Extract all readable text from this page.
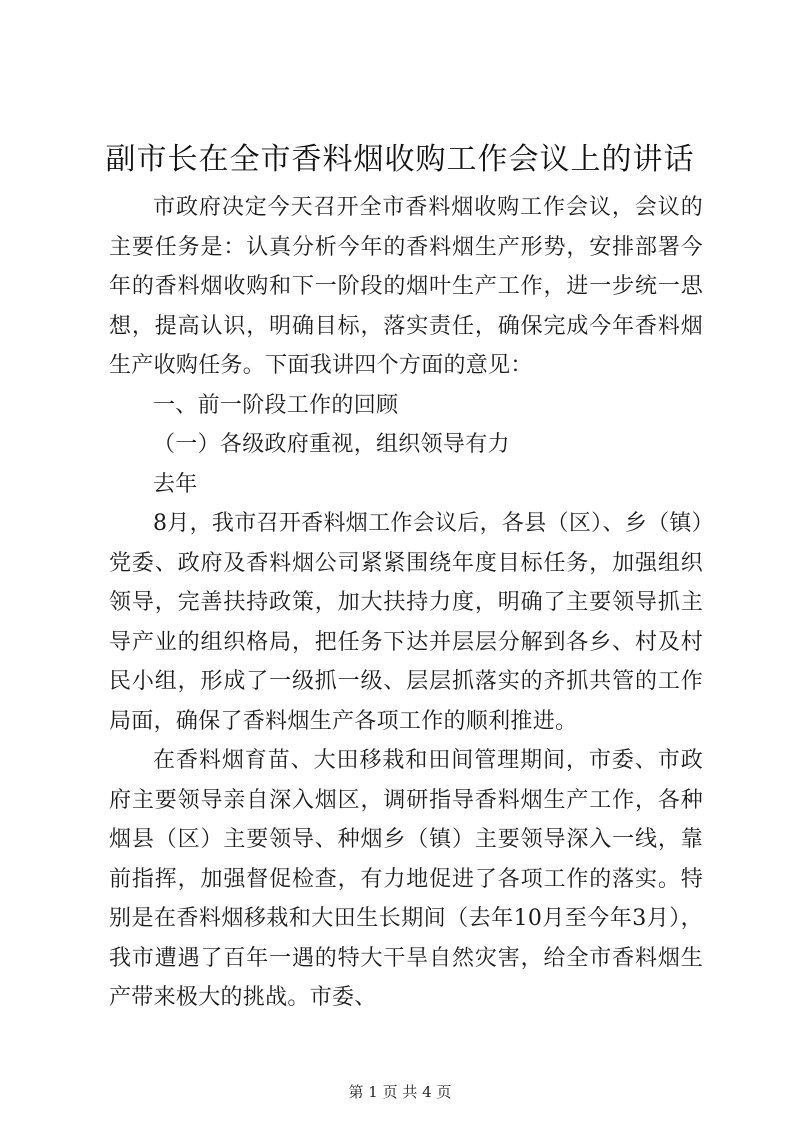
副市长在全市香料烟收购工作会议上的讲话

市政府决定今天召开全市香料烟收购工作会议，会议的主要任务是：认真分析今年的香料烟生产形势，安排部署今年的香料烟收购和下一阶段的烟叶生产工作，进一步统一思想，提高认识，明确目标，落实责任，确保完成今年香料烟生产收购任务。下面我讲四个方面的意见：

一、前一阶段工作的回顾

（一）各级政府重视，组织领导有力

去年

8月，我市召开香料烟工作会议后，各县（区）、乡（镇）党委、政府及香料烟公司紧紧围绕年度目标任务，加强组织领导，完善扶持政策，加大扶持力度，明确了主要领导抓主导产业的组织格局，把任务下达并层层分解到各乡、村及村民小组，形成了一级抓一级、层层抓落实的齐抓共管的工作局面，确保了香料烟生产各项工作的顺利推进。

在香料烟育苗、大田移栽和田间管理期间，市委、市政府主要领导亲自深入烟区，调研指导香料烟生产工作，各种烟县（区）主要领导、种烟乡（镇）主要领导深入一线，靠前指挥，加强督促检查，有力地促进了各项工作的落实。特别是在香料烟移栽和大田生长期间（去年10月至今年3月），我市遭遇了百年一遇的特大干旱自然灾害，给全市香料烟生产带来极大的挑战。市委、

第 1 页 共 4 页
